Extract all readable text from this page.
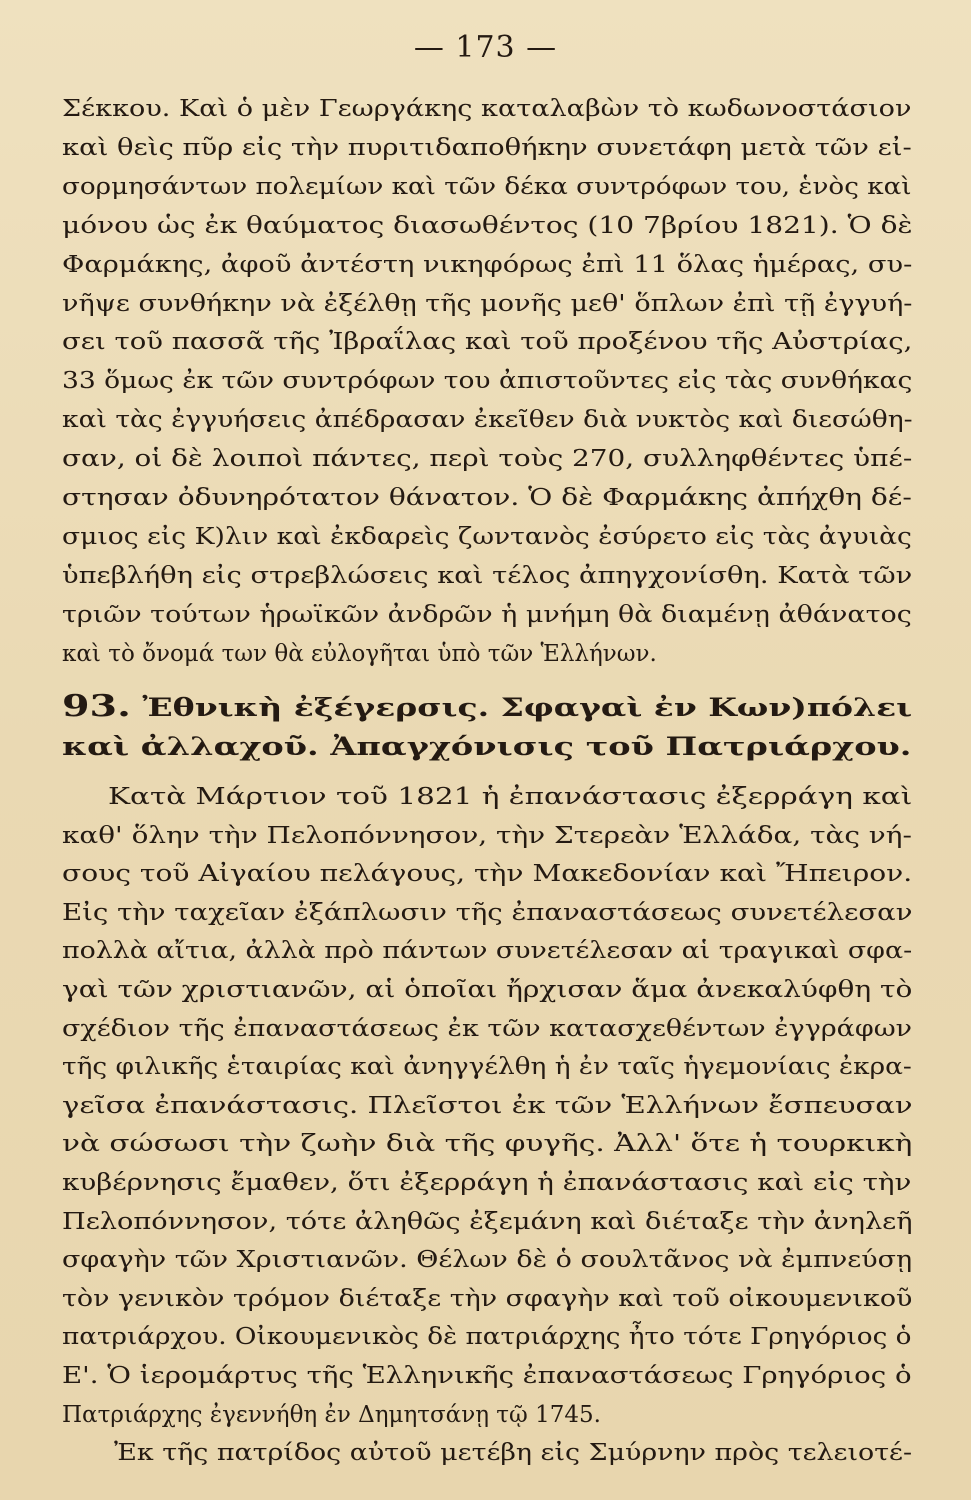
— 173 —
Σέκκου. Καὶ ὁ μὲν Γεωργάκης καταλαβὼν τὸ κωδωνοστάσιον
καὶ θεὶς πῦρ εἰς τὴν πυριτιδαποθήκην συνετάφη μετὰ τῶν εἰ-
σορμησάντων πολεμίων καὶ τῶν δέκα συντρόφων του, ἑνὸς καὶ
μόνου ὡς ἐκ θαύματος διασωθέντος (10 7βρίου 1821). Ὁ δὲ
Φαρμάκης, ἀφοῦ ἀντέστη νικηφόρως ἐπὶ 11 ὅλας ἡμέρας, συ-
νῆψε συνθήκην νὰ ἐξέλθῃ τῆς μονῆς μεθ' ὅπλων ἐπὶ τῇ ἐγγυή-
σει τοῦ πασσᾶ τῆς Ἰβραΐλας καὶ τοῦ προξένου τῆς Αὐστρίας,
33 ὅμως ἐκ τῶν συντρόφων του ἀπιστοῦντες εἰς τὰς συνθήκας
καὶ τὰς ἐγγυήσεις ἀπέδρασαν ἐκεῖθεν διὰ νυκτὸς καὶ διεσώθη-
σαν, οἱ δὲ λοιποὶ πάντες, περὶ τοὺς 270, συλληφθέντες ὑπέ-
στησαν ὀδυνηρότατον θάνατον. Ὁ δὲ Φαρμάκης ἀπήχθη δέ-
σμιος εἰς Κ)λιν καὶ ἐκδαρεὶς ζωντανὸς ἐσύρετο εἰς τὰς ἀγυιὰς
ὑπεβλήθη εἰς στρεβλώσεις καὶ τέλος ἀπηγχονίσθη. Κατὰ τῶν
τριῶν τούτων ἡρωϊκῶν ἀνδρῶν ἡ μνήμη θὰ διαμένῃ ἀθάνατος
καὶ τὸ ὄνομά των θὰ εὐλογῆται ὑπὸ τῶν Ἑλλήνων.
93. Ἐθνικὴ ἐξέγερσις. Σφαγαὶ ἐν Κων)πόλει
καὶ ἀλλαχοῦ. Ἀπαγχόνισις τοῦ Πατριάρχου.
Κατὰ Μάρτιον τοῦ 1821 ἡ ἐπανάστασις ἐξερράγη καὶ
καθ' ὅλην τὴν Πελοπόννησον, τὴν Στερεὰν Ἑλλάδα, τὰς νή-
σους τοῦ Αἰγαίου πελάγους, τὴν Μακεδονίαν καὶ Ἤπειρον.
Εἰς τὴν ταχεῖαν ἐξάπλωσιν τῆς ἐπαναστάσεως συνετέλεσαν
πολλὰ αἴτια, ἀλλὰ πρὸ πάντων συνετέλεσαν αἱ τραγικαὶ σφα-
γαὶ τῶν χριστιανῶν, αἱ ὁποῖαι ἤρχισαν ἅμα ἀνεκαλύφθη τὸ
σχέδιον τῆς ἐπαναστάσεως ἐκ τῶν κατασχεθέντων ἐγγράφων
τῆς φιλικῆς ἑταιρίας καὶ ἀνηγγέλθη ἡ ἐν ταῖς ἡγεμονίαις ἐκρα-
γεῖσα ἐπανάστασις. Πλεῖστοι ἐκ τῶν Ἑλλήνων ἔσπευσαν
νὰ σώσωσι τὴν ζωὴν διὰ τῆς φυγῆς. Ἀλλ' ὅτε ἡ τουρκικὴ
κυβέρνησις ἔμαθεν, ὅτι ἐξερράγη ἡ ἐπανάστασις καὶ εἰς τὴν
Πελοπόννησον, τότε ἀληθῶς ἐξεμάνη καὶ διέταξε τὴν ἀνηλεῆ
σφαγὴν τῶν Χριστιανῶν. Θέλων δὲ ὁ σουλτᾶνος νὰ ἐμπνεύσῃ
τὸν γενικὸν τρόμον διέταξε τὴν σφαγὴν καὶ τοῦ οἰκουμενικοῦ
πατριάρχου. Οἰκουμενικὸς δὲ πατριάρχης ἦτο τότε Γρηγόριος ὁ
Ε'. Ὁ ἱερομάρτυς τῆς Ἑλληνικῆς ἐπαναστάσεως Γρηγόριος ὁ
Πατριάρχης ἐγεννήθη ἐν Δημητσάνῃ τῷ 1745.
Ἐκ τῆς πατρίδος αὐτοῦ μετέβη εἰς Σμύρνην πρὸς τελειοτέ-
